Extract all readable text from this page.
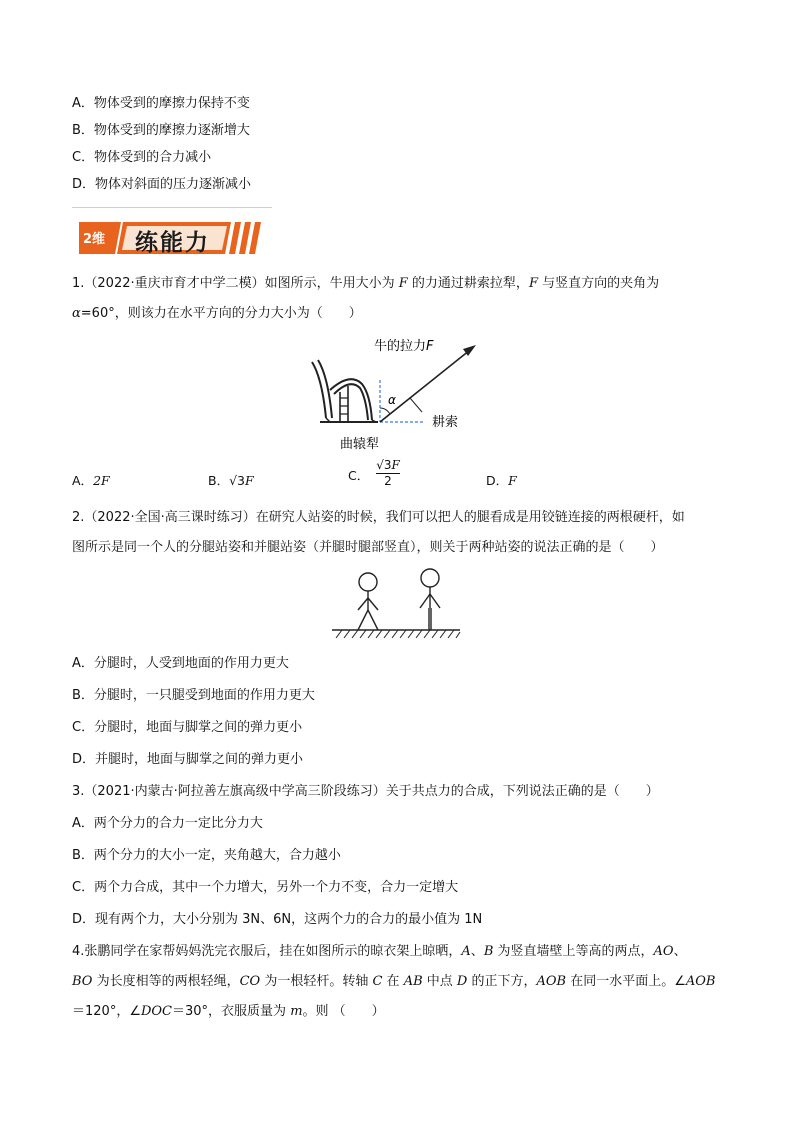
A．物体受到的摩擦力保持不变
B．物体受到的摩擦力逐渐增大
C．物体受到的合力减小
D．物体对斜面的压力逐渐减小
2维 练能力
1.（2022·重庆市育才中学二模）如图所示，牛用大小为 F 的力通过耕索拉犁，F 与竖直方向的夹角为
α=60°，则该力在水平方向的分力大小为（　　）
α
牛的拉力F
耕索
曲辕犁
A．2F	B．√3F	C．
√3F
2	D．F
2.（2022·全国·高三课时练习）在研究人站姿的时候，我们可以把人的腿看成是用铰链连接的两根硬杆，如
图所示是同一个人的分腿站姿和并腿站姿（并腿时腿部竖直），则关于两种站姿的说法正确的是（　　）
A．分腿时，人受到地面的作用力更大
B．分腿时，一只腿受到地面的作用力更大
C．分腿时，地面与脚掌之间的弹力更小
D．并腿时，地面与脚掌之间的弹力更小
3.（2021·内蒙古·阿拉善左旗高级中学高三阶段练习）关于共点力的合成，下列说法正确的是（　　）
A．两个分力的合力一定比分力大
B．两个分力的大小一定，夹角越大，合力越小
C．两个力合成，其中一个力增大，另外一个力不变，合力一定增大
D．现有两个力，大小分别为 3N、6N，这两个力的合力的最小值为 1N
4.张鹏同学在家帮妈妈洗完衣服后，挂在如图所示的晾衣架上晾晒，A、B 为竖直墙壁上等高的两点，AO、
BO 为长度相等的两根轻绳，CO 为一根轻杆。转轴 C 在 AB 中点 D 的正下方，AOB 在同一水平面上。∠AOB
＝120°，∠DOC＝30°，衣服质量为 m。则 （　　）
